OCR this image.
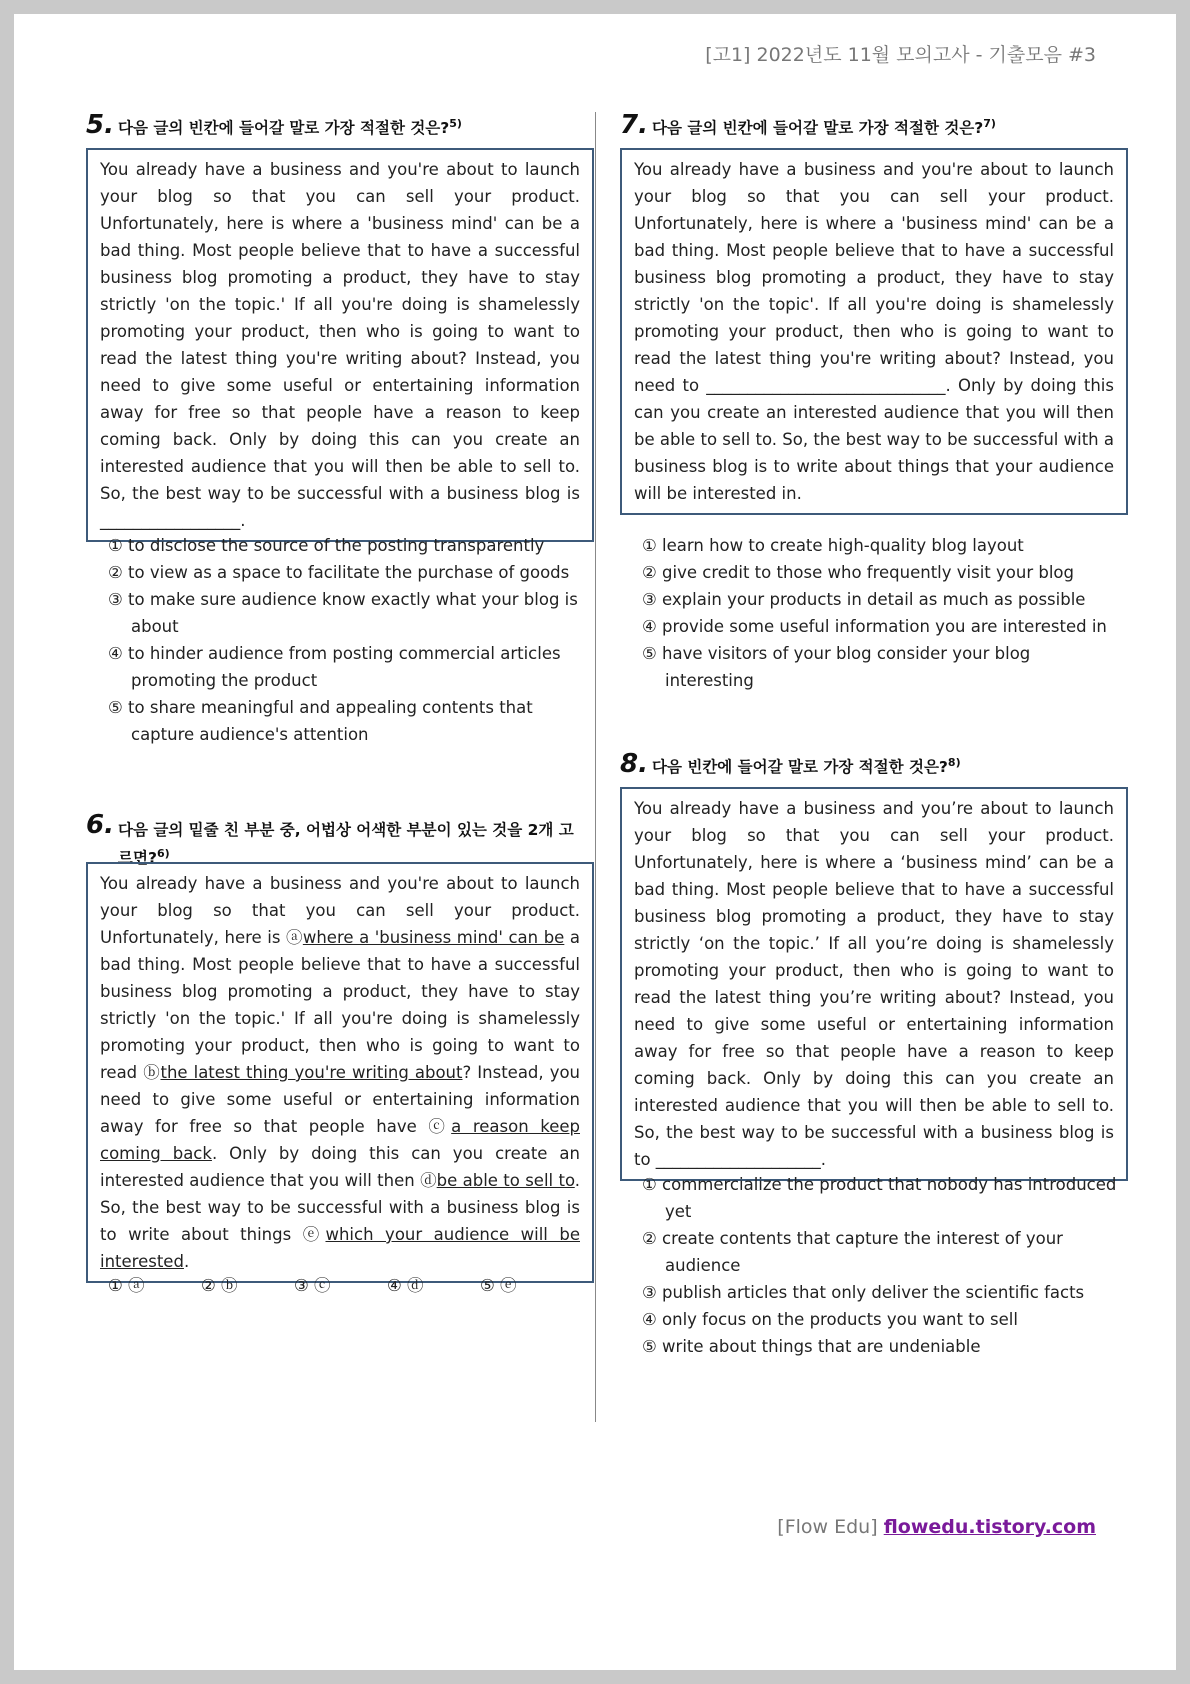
[고1] 2022년도 11월 모의고사 - 기출모음 #3
5. 다음 글의 빈칸에 들어갈 말로 가장 적절한 것은?$^{5)}$
You already have a business and you're about to launch your blog so that you can sell your product. Unfortunately, here is where a 'business mind' can be a bad thing. Most people believe that to have a successful business blog promoting a product, they have to stay strictly 'on the topic.' If all you're doing is shamelessly promoting your product, then who is going to want to read the latest thing you're writing about? Instead, you need to give some useful or entertaining information away for free so that people have a reason to keep coming back. Only by doing this can you create an interested audience that you will then be able to sell to. So, the best way to be successful with a business blog is _________________.
① to disclose the source of the posting transparently
② to view as a space to facilitate the purchase of goods
③ to make sure audience know exactly what your blog is about
④ to hinder audience from posting commercial articles promoting the product
⑤ to share meaningful and appealing contents that capture audience's attention
6. 다음 글의 밑줄 친 부분 중, 어법상 어색한 부분이 있는 것을 2개 고르면?$^{6)}$
You already have a business and you're about to launch your blog so that you can sell your product. Unfortunately, here is ⓐwhere a 'business mind' can be a bad thing. Most people believe that to have a successful business blog promoting a product, they have to stay strictly 'on the topic.' If all you're doing is shamelessly promoting your product, then who is going to want to read ⓑthe latest thing you're writing about? Instead, you need to give some useful or entertaining information away for free so that people have ⓒa reason keep coming back. Only by doing this can you create an interested audience that you will then ⓓbe able to sell to. So, the best way to be successful with a business blog is to write about things ⓔwhich your audience will be interested.
① ⓐ	② ⓑ	③ ⓒ	④ ⓓ	⑤ ⓔ
7. 다음 글의 빈칸에 들어갈 말로 가장 적절한 것은?$^{7)}$
You already have a business and you're about to launch your blog so that you can sell your product. Unfortunately, here is where a 'business mind' can be a bad thing. Most people believe that to have a successful business blog promoting a product, they have to stay strictly 'on the topic'. If all you're doing is shamelessly promoting your product, then who is going to want to read the latest thing you're writing about? Instead, you need to _____________________________. Only by doing this can you create an interested audience that you will then be able to sell to. So, the best way to be successful with a business blog is to write about things that your audience will be interested in.
① learn how to create high-quality blog layout
② give credit to those who frequently visit your blog
③ explain your products in detail as much as possible
④ provide some useful information you are interested in
⑤ have visitors of your blog consider your blog interesting
8. 다음 빈칸에 들어갈 말로 가장 적절한 것은?$^{8)}$
You already have a business and you’re about to launch your blog so that you can sell your product. Unfortunately, here is where a ‘business mind’ can be a bad thing. Most people believe that to have a successful business blog promoting a product, they have to stay strictly ‘on the topic.’ If all you’re doing is shamelessly promoting your product, then who is going to want to read the latest thing you’re writing about? Instead, you need to give some useful or entertaining information away for free so that people have a reason to keep coming back. Only by doing this can you create an interested audience that you will then be able to sell to. So, the best way to be successful with a business blog is to ____________________.
① commercialize the product that nobody has introduced yet
② create contents that capture the interest of your audience
③ publish articles that only deliver the scientific facts
④ only focus on the products you want to sell
⑤ write about things that are undeniable
[Flow Edu] flowedu.tistory.com
